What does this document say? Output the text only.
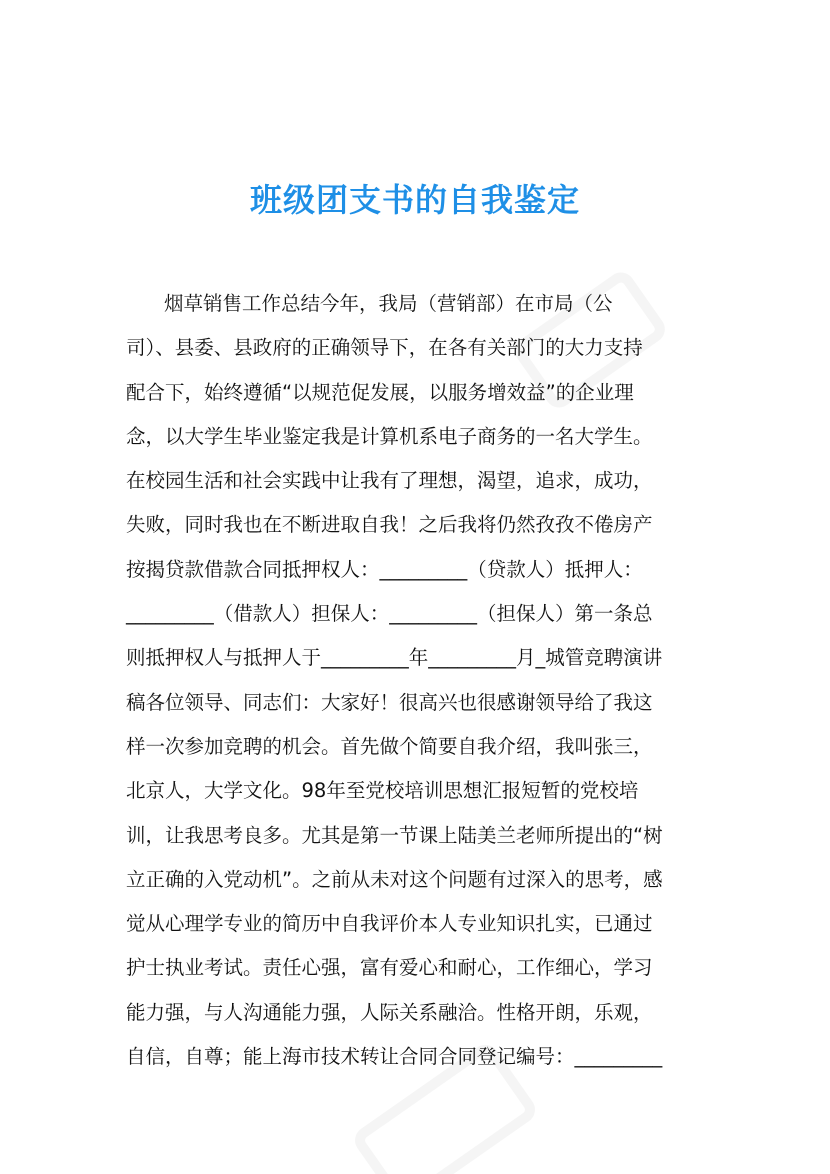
班级团支书的自我鉴定
烟草销售工作总结今年，我局（营销部）在市局（公
司）、县委、县政府的正确领导下，在各有关部门的大力支持
配合下，始终遵循“以规范促发展，以服务增效益”的企业理
念，以大学生毕业鉴定我是计算机系电子商务的一名大学生。
在校园生活和社会实践中让我有了理想，渴望，追求，成功，
失败，同时我也在不断进取自我！之后我将仍然孜孜不倦房产
按揭贷款借款合同抵押权人：_________（贷款人）抵押人：
_________（借款人）担保人：_________（担保人）第一条总
则抵押权人与抵押人于_________年_________月_城管竞聘演讲
稿各位领导、同志们：大家好！很高兴也很感谢领导给了我这
样一次参加竞聘的机会。首先做个简要自我介绍，我叫张三，
北京人，大学文化。98年至党校培训思想汇报短暂的党校培
训，让我思考良多。尤其是第一节课上陆美兰老师所提出的“树
立正确的入党动机”。之前从未对这个问题有过深入的思考，感
觉从心理学专业的简历中自我评价本人专业知识扎实，已通过
护士执业考试。责任心强，富有爱心和耐心，工作细心，学习
能力强，与人沟通能力强，人际关系融洽。性格开朗，乐观，
自信，自尊；能上海市技术转让合同合同登记编号：_________
